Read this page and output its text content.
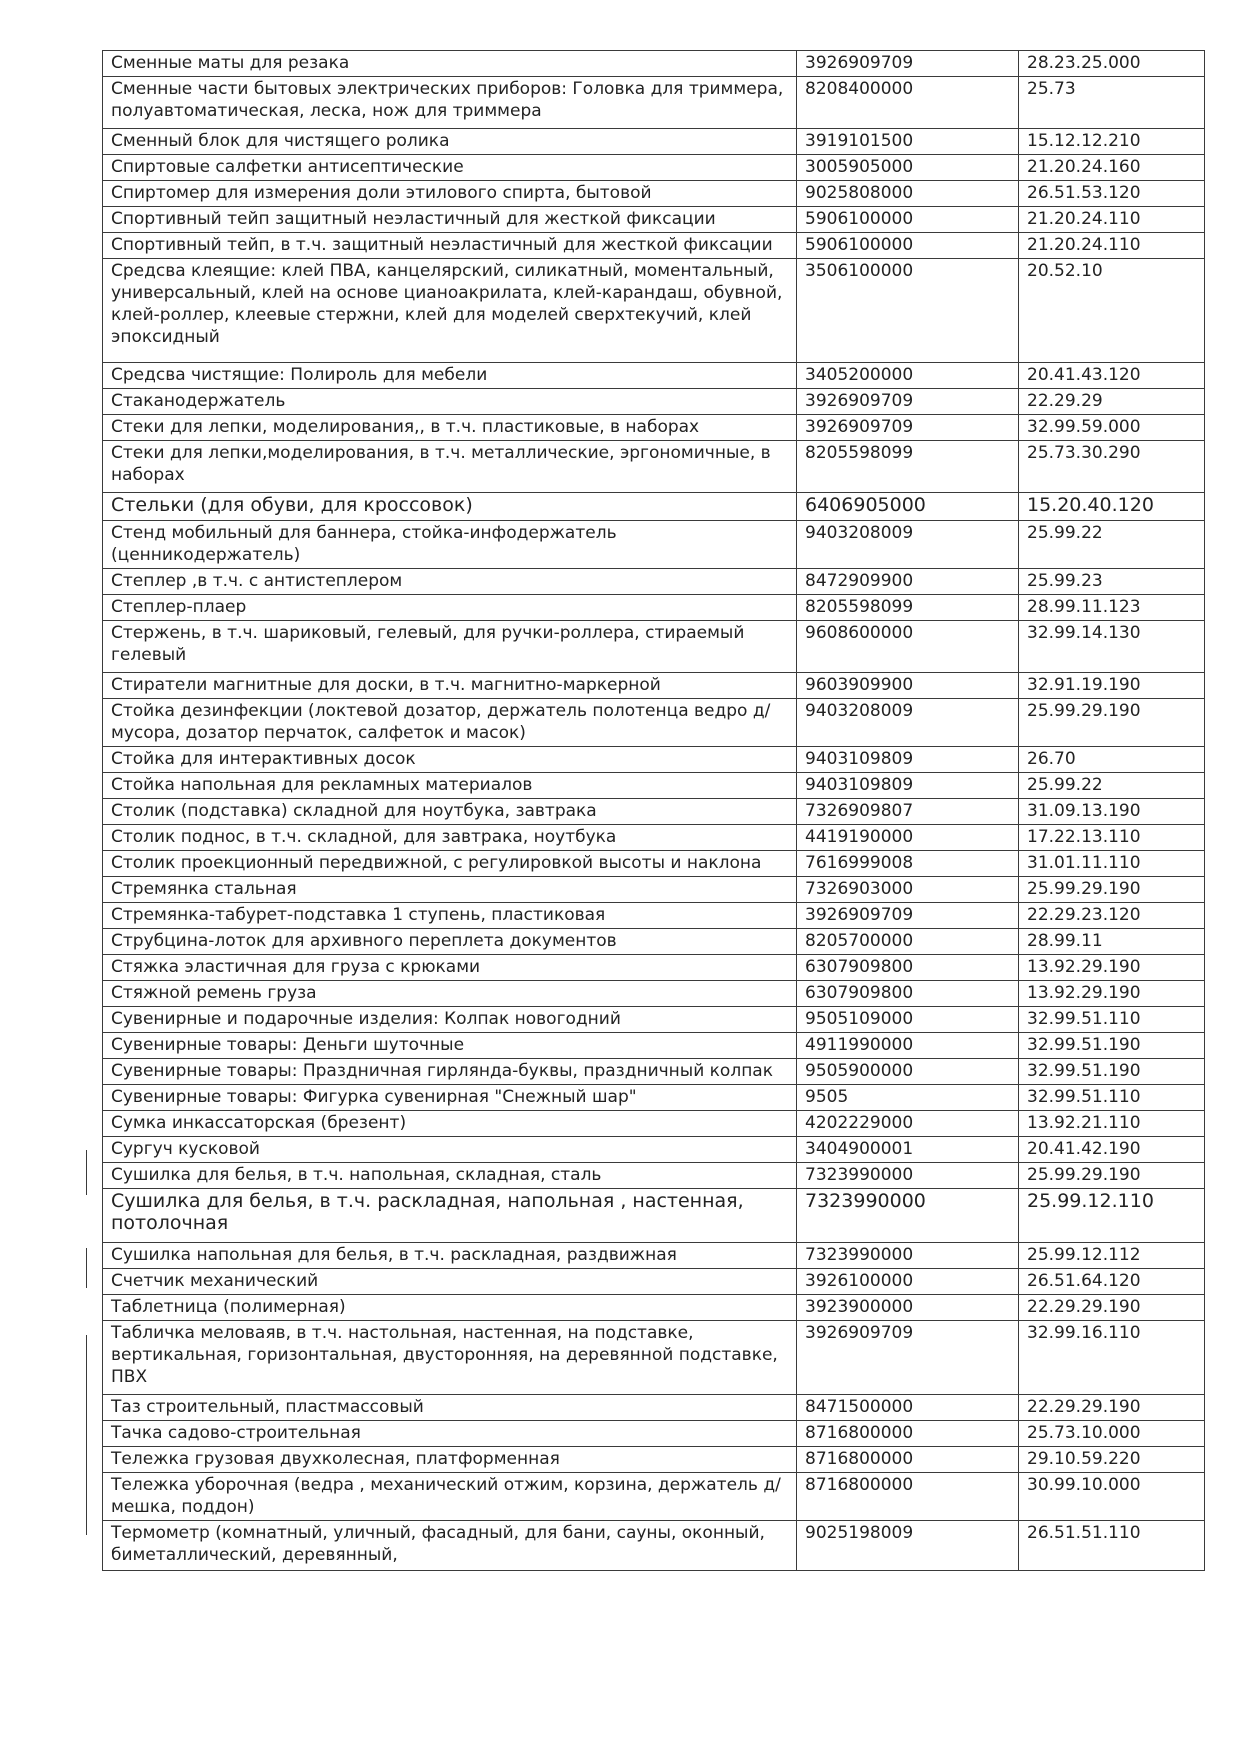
Сменные маты для резака	3926909709	28.23.25.000
Сменные части бытовых электрических приборов: Головка для триммера, полуавтоматическая, леска, нож для триммера	8208400000	25.73
Сменный блок для чистящего ролика	3919101500	15.12.12.210
Спиртовые салфетки антисептические	3005905000	21.20.24.160
Спиртомер для измерения доли этилового спирта, бытовой	9025808000	26.51.53.120
Спортивный тейп защитный неэластичный для жесткой фиксации	5906100000	21.20.24.110
Спортивный тейп, в т.ч. защитный неэластичный для жесткой фиксации	5906100000	21.20.24.110
Средсва клеящие: клей ПВА, канцелярский, силикатный, моментальный, универсальный, клей на основе цианоакрилата, клей-карандаш, обувной, клей-роллер, клеевые стержни, клей для моделей сверхтекучий, клей эпоксидный	3506100000	20.52.10
Средсва чистящие: Полироль для мебели	3405200000	20.41.43.120
Стаканодержатель	3926909709	22.29.29
Стеки для лепки, моделирования,, в т.ч. пластиковые, в наборах	3926909709	32.99.59.000
Стеки для лепки,моделирования, в т.ч. металлические, эргономичные, в наборах	8205598099	25.73.30.290
Стельки (для обуви, для кроссовок)	6406905000	15.20.40.120
Стенд мобильный для баннера, стойка-инфодержатель (ценникодержатель)	9403208009	25.99.22
Степлер ,в т.ч. с антистеплером	8472909900	25.99.23
Степлер-плаер	8205598099	28.99.11.123
Стержень, в т.ч. шариковый, гелевый, для ручки-роллера, стираемый гелевый	9608600000	32.99.14.130
Стиратели магнитные для доски, в т.ч. магнитно-маркерной	9603909900	32.91.19.190
Стойка дезинфекции (локтевой дозатор, держатель полотенца ведро д/мусора, дозатор перчаток, салфеток и масок)	9403208009	25.99.29.190
Стойка для интерактивных досок	9403109809	26.70
Стойка напольная для рекламных материалов	9403109809	25.99.22
Столик (подставка) складной для ноутбука, завтрака	7326909807	31.09.13.190
Столик поднос, в т.ч. складной, для завтрака, ноутбука	4419190000	17.22.13.110
Столик проекционный передвижной, с регулировкой высоты и наклона	7616999008	31.01.11.110
Стремянка стальная	7326903000	25.99.29.190
Стремянка-табурет-подставка 1 ступень, пластиковая	3926909709	22.29.23.120
Струбцина-лоток для архивного переплета документов	8205700000	28.99.11
Стяжка эластичная для груза с крюками	6307909800	13.92.29.190
Стяжной ремень груза	6307909800	13.92.29.190
Сувенирные и подарочные изделия: Колпак новогодний	9505109000	32.99.51.110
Сувенирные товары: Деньги шуточные	4911990000	32.99.51.190
Сувенирные товары: Праздничная гирлянда-буквы, праздничный колпак	9505900000	32.99.51.190
Сувенирные товары: Фигурка сувенирная "Снежный шар"	9505	32.99.51.110
Сумка инкассаторская (брезент)	4202229000	13.92.21.110
Сургуч кусковой	3404900001	20.41.42.190
Сушилка для белья, в т.ч. напольная, складная, сталь	7323990000	25.99.29.190
Сушилка для белья, в т.ч. раскладная, напольная , настенная, потолочная	7323990000	25.99.12.110
Сушилка напольная для белья, в т.ч. раскладная, раздвижная	7323990000	25.99.12.112
Счетчик механический	3926100000	26.51.64.120
Таблетница (полимерная)	3923900000	22.29.29.190
Табличка меловаяв, в т.ч. настольная, настенная, на подставке, вертикальная, горизонтальная, двусторонняя, на деревянной подставке, ПВХ	3926909709	32.99.16.110
Таз строительный, пластмассовый	8471500000	22.29.29.190
Тачка садово-строительная	8716800000	25.73.10.000
Тележка грузовая двухколесная, платформенная	8716800000	29.10.59.220
Тележка уборочная (ведра , механический отжим, корзина, держатель д/мешка, поддон)	8716800000	30.99.10.000
Термометр (комнатный, уличный, фасадный, для бани, сауны, оконный, биметаллический, деревянный,	9025198009	26.51.51.110
